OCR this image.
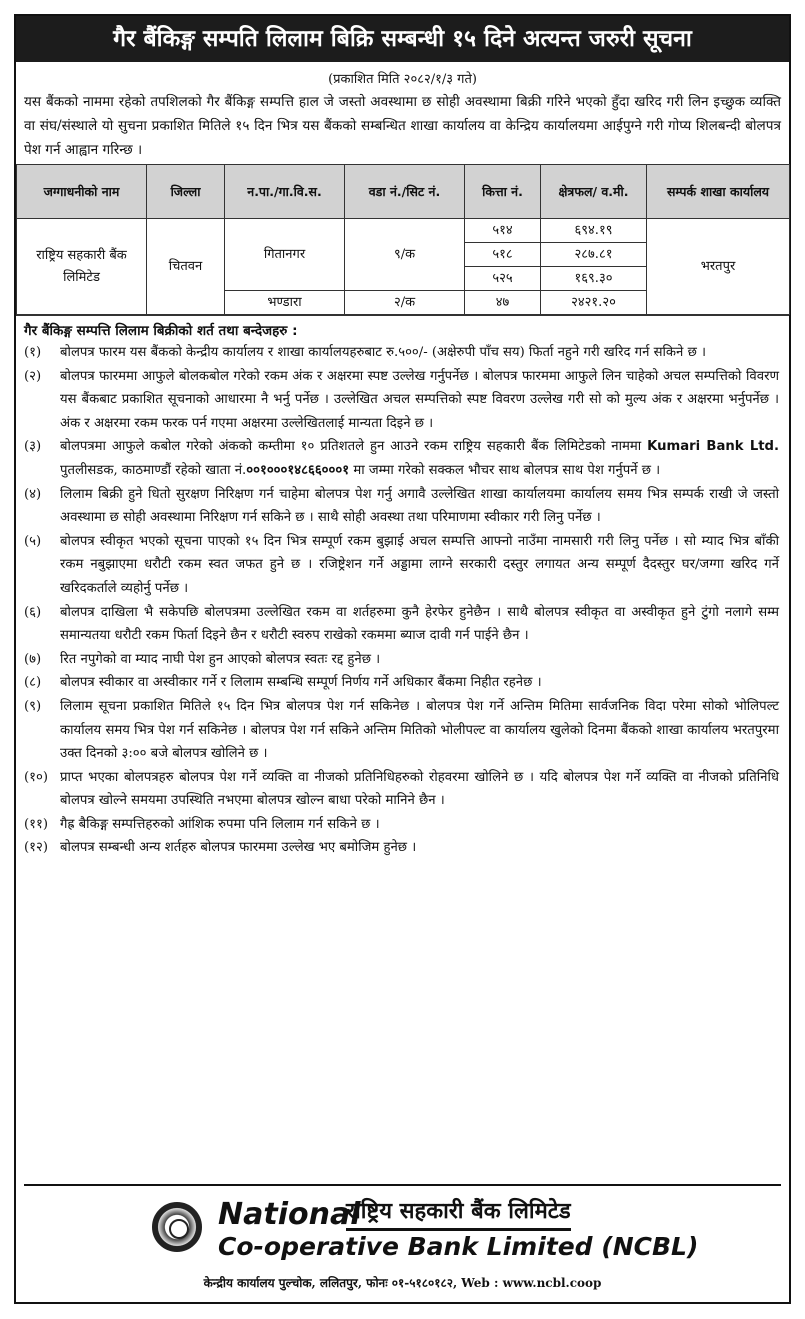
गैर बैंकिङ्ग सम्पति लिलाम बिक्रि सम्बन्धी १५ दिने अत्यन्त जरुरी सूचना
(प्रकाशित मिति २०८२/१/३ गते)
यस बैंकको नाममा रहेको तपशिलको गैर बैंकिङ्ग सम्पत्ति हाल जे जस्तो अवस्थामा छ सोही अवस्थामा बिक्री गरिने भएको हुँदा खरिद गरी लिन इच्छुक व्यक्ति वा संघ/संस्थाले यो सुचना प्रकाशित मितिले १५ दिन भित्र यस बैंकको सम्बन्धित शाखा कार्यालय वा केन्द्रिय कार्यालयमा आईपुग्ने गरी गोप्य शिलबन्दी बोलपत्र पेश गर्न आह्वान गरिन्छ ।
जग्गाधनीको नाम	जिल्ला	न.पा./गा.वि.स.	वडा नं./सिट नं.	कित्ता नं.	क्षेत्रफल/ व.मी.	सम्पर्क शाखा कार्यालय
राष्ट्रिय सहकारी बैंक लिमिटेड	चितवन	गितानगर	९/क	५१४	६९४.१९	भरतपुर
				५१८	२८७.८१	
				५२५	१६९.३०	
		भण्डारा	२/क	४७	२४२१.२०	
गैर बैंकिङ्ग सम्पत्ति लिलाम बिक्रीको शर्त तथा बन्देजहरु :
(१)	बोलपत्र फारम यस बैंकको केन्द्रीय कार्यालय र शाखा कार्यालयहरुबाट रु.५००/- (अक्षेरुपी पाँच सय) फिर्ता नहुने गरी खरिद गर्न सकिने छ ।
(२)	बोलपत्र फारममा आफुले बोलकबोल गरेको रकम अंक र अक्षरमा स्पष्ट उल्लेख गर्नुपर्नेछ । बोलपत्र फारममा आफुले लिन चाहेको अचल सम्पत्तिको विवरण यस बैंकबाट प्रकाशित सूचनाको आधारमा नै भर्नु पर्नेछ । उल्लेखित अचल सम्पत्तिको स्पष्ट विवरण उल्लेख गरी सो को मुल्य अंक र अक्षरमा भर्नुपर्नेछ । अंक र अक्षरमा रकम फरक पर्न गएमा अक्षरमा उल्लेखितलाई मान्यता दिइने छ ।
(३)	बोलपत्रमा आफुले कबोल गरेको अंकको कम्तीमा १० प्रतिशतले हुन आउने रकम राष्ट्रिय सहकारी बैंक लिमिटेडको नाममा Kumari Bank Ltd. पुतलीसडक, काठमाण्डौं रहेको खाता नं.००१०००१४८६६०००१ मा जम्मा गरेको सक्कल भौचर साथ बोलपत्र साथ पेश गर्नुपर्ने छ ।
(४)	लिलाम बिक्री हुने धितो सुरक्षण निरिक्षण गर्न चाहेमा बोलपत्र पेश गर्नु अगावै उल्लेखित शाखा कार्यालयमा कार्यालय समय भित्र सम्पर्क राखी जे जस्तो अवस्थामा छ सोही अवस्थामा निरिक्षण गर्न सकिने छ । साथै सोही अवस्था तथा परिमाणमा स्वीकार गरी लिनु पर्नेछ ।
(५)	बोलपत्र स्वीकृत भएको सूचना पाएको १५ दिन भित्र सम्पूर्ण रकम बुझाई अचल सम्पत्ति आफ्नो नाउँमा नामसारी गरी लिनु पर्नेछ । सो म्याद भित्र बाँकी रकम नबुझाएमा धरौटी रकम स्वत जफत हुने छ । रजिष्ट्रेशन गर्ने अड्डामा लाग्ने सरकारी दस्तुर लगायत अन्य सम्पूर्ण दैदस्तुर घर/जग्गा खरिद गर्ने खरिदकर्ताले व्यहोर्नु पर्नेछ ।
(६)	बोलपत्र दाखिला भै सकेपछि बोलपत्रमा उल्लेखित रकम वा शर्तहरुमा कुनै हेरफेर हुनेछैन । साथै बोलपत्र स्वीकृत वा अस्वीकृत हुने टुंगो नलागे सम्म समान्यतया धरौटी रकम फिर्ता दिइने छैन र धरौटी स्वरुप राखेको रकममा ब्याज दावी गर्न पाईने छैन ।
(७)	रित नपुगेको वा म्याद नाघी पेश हुन आएको बोलपत्र स्वतः रद्द हुनेछ ।
(८)	बोलपत्र स्वीकार वा अस्वीकार गर्ने र लिलाम सम्बन्धि सम्पूर्ण निर्णय गर्ने अधिकार बैंकमा निहीत रहनेछ ।
(९)	लिलाम सूचना प्रकाशित मितिले १५ दिन भित्र बोलपत्र पेश गर्न सकिनेछ । बोलपत्र पेश गर्ने अन्तिम मितिमा सार्वजनिक विदा परेमा सोको भोलिपल्ट कार्यालय समय भित्र पेश गर्न सकिनेछ । बोलपत्र पेश गर्न सकिने अन्तिम मितिको भोलीपल्ट वा कार्यालय खुलेको दिनमा बैंकको शाखा कार्यालय भरतपुरमा उक्त दिनको ३:०० बजे बोलपत्र खोलिने छ ।
(१०) प्राप्त भएका बोलपत्रहरु बोलपत्र पेश गर्ने व्यक्ति वा नीजको प्रतिनिधिहरुको रोहवरमा खोलिने छ । यदि बोलपत्र पेश गर्ने व्यक्ति वा नीजको प्रतिनिधि बोलपत्र खोल्ने समयमा उपस्थिति नभएमा बोलपत्र खोल्न बाधा परेको मानिने छैन ।
(११) गैह्र बैकिङ्ग सम्पत्तिहरुको आंशिक रुपमा पनि लिलाम गर्न सकिने छ ।
(१२) बोलपत्र सम्बन्धी अन्य शर्तहरु बोलपत्र फारममा उल्लेख भए बमोजिम हुनेछ ।
National
राष्ट्रिय सहकारी बैंक लिमिटेड
Co-operative Bank Limited (NCBL)
केन्द्रीय कार्यालय पुल्चोक, ललितपुर, फोनः ०१-५१८०१८२, Web : www.ncbl.coop
